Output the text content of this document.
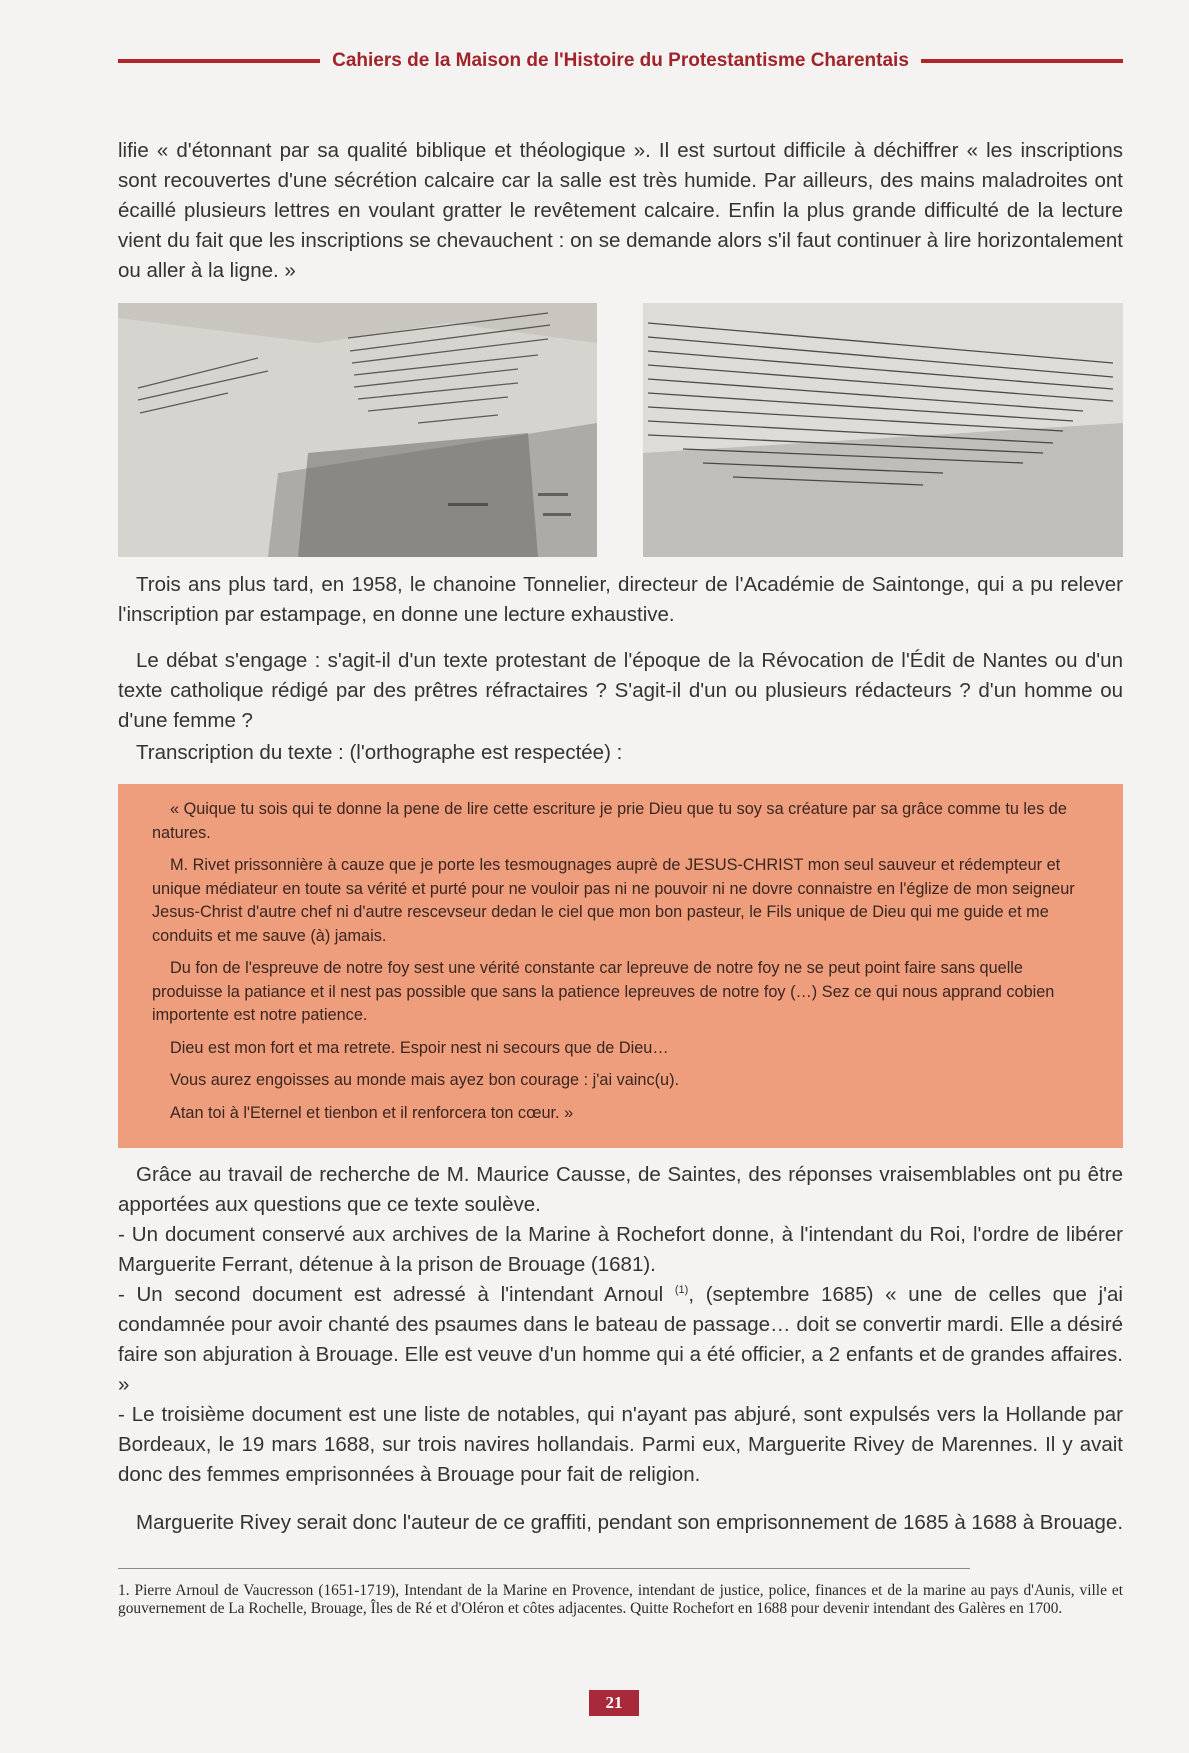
Cahiers de la Maison de l'Histoire du Protestantisme Charentais

lifie « d'étonnant par sa qualité biblique et théologique ». Il est surtout difficile à déchiffrer « les inscriptions sont recouvertes d'une sécrétion calcaire car la salle est très humide. Par ailleurs, des mains maladroites ont écaillé plusieurs lettres en voulant gratter le revêtement calcaire. Enfin la plus grande difficulté de la lecture vient du fait que les inscriptions se chevauchent : on se demande alors s'il faut continuer à lire horizontalement ou aller à la ligne. »

Trois ans plus tard, en 1958, le chanoine Tonnelier, directeur de l'Académie de Saintonge, qui a pu relever l'inscription par estampage, en donne une lecture exhaustive.

Le débat s'engage : s'agit-il d'un texte protestant de l'époque de la Révocation de l'Édit de Nantes ou d'un texte catholique rédigé par des prêtres réfractaires ? S'agit-il d'un ou plusieurs rédacteurs ? d'un homme ou d'une femme ?

Transcription du texte : (l'orthographe est respectée) :

« Quique tu sois qui te donne la pene de lire cette escriture je prie Dieu que tu soy sa créature par sa grâce comme tu les de natures.

M. Rivet prissonnière à cauze que je porte les tesmougnages auprè de JESUS-CHRIST mon seul sauveur et rédempteur et unique médiateur en toute sa vérité et purté pour ne vouloir pas ni ne pouvoir ni ne dovre connaistre en l'églize de mon seigneur Jesus-Christ d'autre chef ni d'autre rescevseur dedan le ciel que mon bon pasteur, le Fils unique de Dieu qui me guide et me conduits et me sauve (à) jamais.

Du fon de l'espreuve de notre foy sest une vérité constante car lepreuve de notre foy ne se peut point faire sans quelle produisse la patiance et il nest pas possible que sans la patience lepreuves de notre foy (…) Sez ce qui nous apprand cobien importente est notre patience.

Dieu est mon fort et ma retrete. Espoir nest ni secours que de Dieu…

Vous aurez engoisses au monde mais ayez bon courage : j'ai vainc(u).

Atan toi à l'Eternel et tienbon et il renforcera ton cœur. »

Grâce au travail de recherche de M. Maurice Causse, de Saintes, des réponses vraisemblables ont pu être apportées aux questions que ce texte soulève.

- Un document conservé aux archives de la Marine à Rochefort donne, à l'intendant du Roi, l'ordre de libérer Marguerite Ferrant, détenue à la prison de Brouage (1681).

- Un second document est adressé à l'intendant Arnoul $^{(1)}$, (septembre 1685) « une de celles que j'ai condamnée pour avoir chanté des psaumes dans le bateau de passage… doit se convertir mardi. Elle a désiré faire son abjuration à Brouage. Elle est veuve d'un homme qui a été officier, a 2 enfants et de grandes affaires. »

- Le troisième document est une liste de notables, qui n'ayant pas abjuré, sont expulsés vers la Hollande par Bordeaux, le 19 mars 1688, sur trois navires hollandais. Parmi eux, Marguerite Rivey de Marennes. Il y avait donc des femmes emprisonnées à Brouage pour fait de religion.

Marguerite Rivey serait donc l'auteur de ce graffiti, pendant son emprisonnement de 1685 à 1688 à Brouage.

1. Pierre Arnoul de Vaucresson (1651-1719), Intendant de la Marine en Provence, intendant de justice, police, finances et de la marine au pays d'Aunis, ville et gouvernement de La Rochelle, Brouage, Îles de Ré et d'Oléron et côtes adjacentes. Quitte Rochefort en 1688 pour devenir intendant des Galères en 1700.
21
